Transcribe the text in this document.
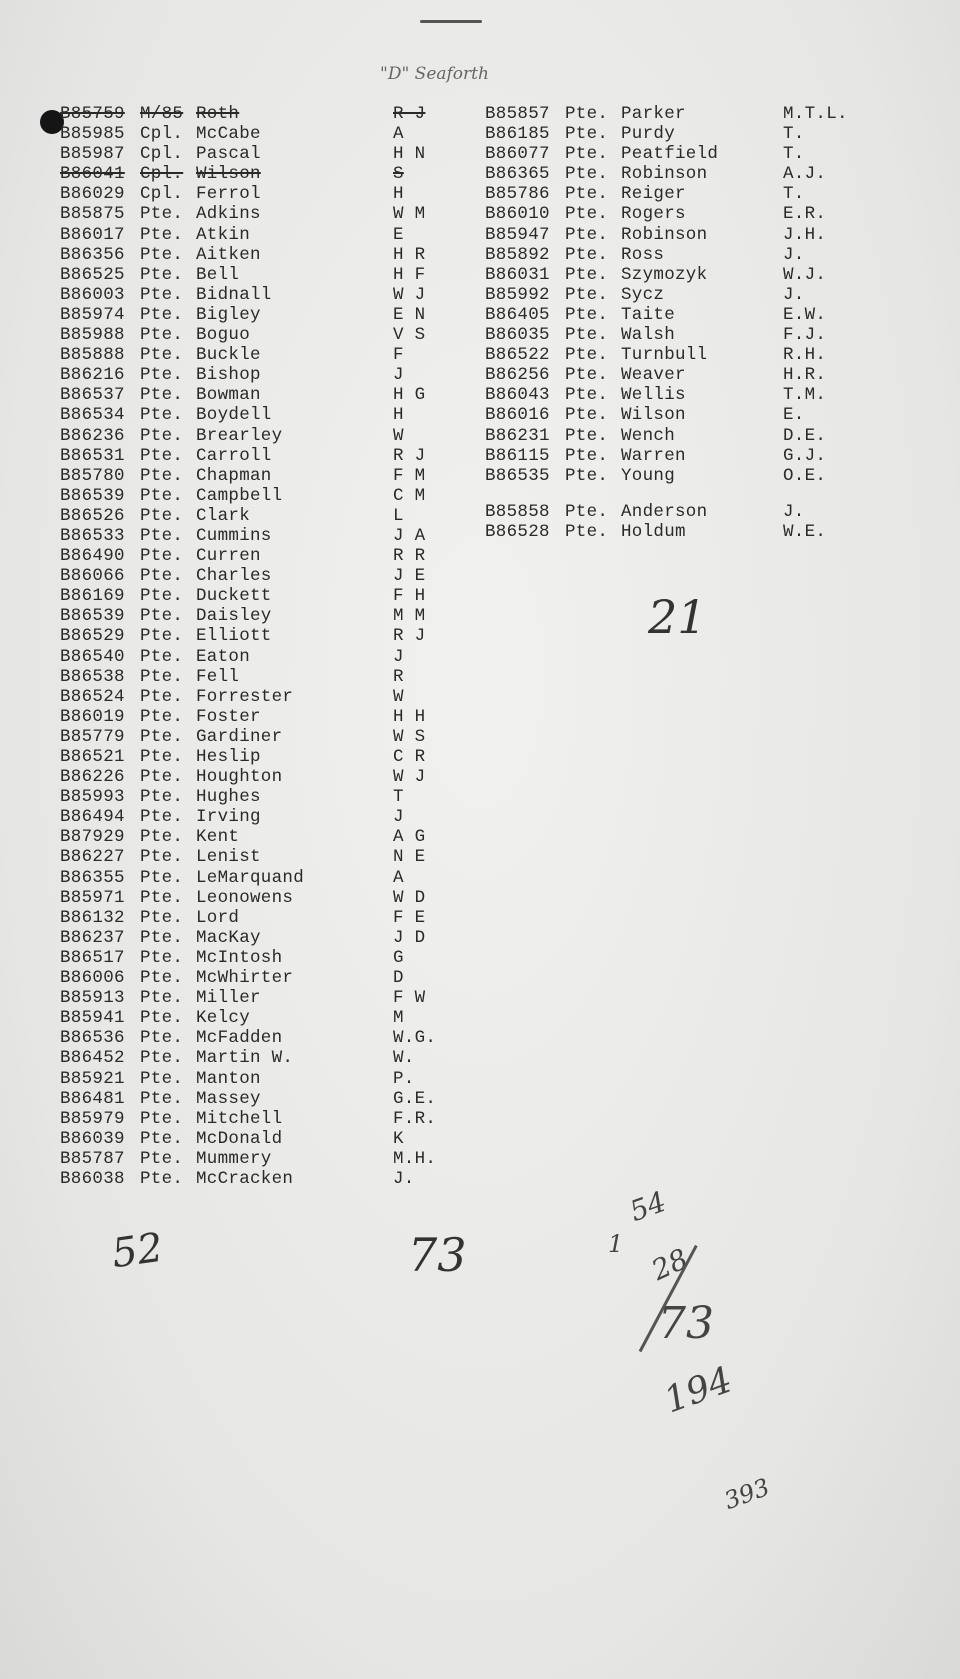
"D" Seaforth
B85759 M/85 Roth	R J
B85985 Cpl. McCabe	A
B85987 Cpl. Pascal	H N
B86041 Cpl. Wilson	S
B86029 Cpl. Ferrol	H
B85875 Pte. Adkins	W M
B86017 Pte. Atkin	E
B86356 Pte. Aitken	H R
B86525 Pte. Bell	H F
B86003 Pte. Bidnall	W J
B85974 Pte. Bigley	E N
B85988 Pte. Boguo	V S
B85888 Pte. Buckle	F
B86216 Pte. Bishop	J
B86537 Pte. Bowman	H G
B86534 Pte. Boydell	H
B86236 Pte. Brearley	W
B86531 Pte. Carroll	R J
B85780 Pte. Chapman	F M
B86539 Pte. Campbell	C M
B86526 Pte. Clark	L
B86533 Pte. Cummins	J A
B86490 Pte. Curren	R R
B86066 Pte. Charles	J E
B86169 Pte. Duckett	F H
B86539 Pte. Daisley	M M
B86529 Pte. Elliott	R J
B86540 Pte. Eaton	J
B86538 Pte. Fell	R
B86524 Pte. Forrester	W
B86019 Pte. Foster	H H
B85779 Pte. Gardiner	W S
B86521 Pte. Heslip	C R
B86226 Pte. Houghton	W J
B85993 Pte. Hughes	T
B86494 Pte. Irving	J
B87929 Pte. Kent	A G
B86227 Pte. Lenist	N E
B86355 Pte. LeMarquand	A
B85971 Pte. Leonowens	W D
B86132 Pte. Lord	F E
B86237 Pte. MacKay	J D
B86517 Pte. McIntosh	G
B86006 Pte. McWhirter	D
B85913 Pte. Miller	F W
B85941 Pte. Kelcy	M
B86536 Pte. McFadden	W.G.
B86452 Pte. Martin W.	W.
B85921 Pte. Manton	P.
B86481 Pte. Massey	G.E.
B85979 Pte. Mitchell	F.R.
B86039 Pte. McDonald	K
B85787 Pte. Mummery	M.H.
B86038 Pte. McCracken	J.
B85857 Pte. Parker	M.T.L.
B86185 Pte. Purdy	T.
B86077 Pte. Peatfield	T.
B86365 Pte. Robinson	A.J.
B85786 Pte. Reiger	T.
B86010 Pte. Rogers	E.R.
B85947 Pte. Robinson	J.H.
B85892 Pte. Ross	J.
B86031 Pte. Szymozyk	W.J.
B85992 Pte. Sycz	J.
B86405 Pte. Taite	E.W.
B86035 Pte. Walsh	F.J.
B86522 Pte. Turnbull	R.H.
B86256 Pte. Weaver	H.R.
B86043 Pte. Wellis	T.M.
B86016 Pte. Wilson	E.
B86231 Pte. Wench	D.E.
B86115 Pte. Warren	G.J.
B86535 Pte. Young	O.E.
B85858 Pte. Anderson	J.
B86528 Pte. Holdum	W.E.
21
52	73
54
1 28
73
194
393
